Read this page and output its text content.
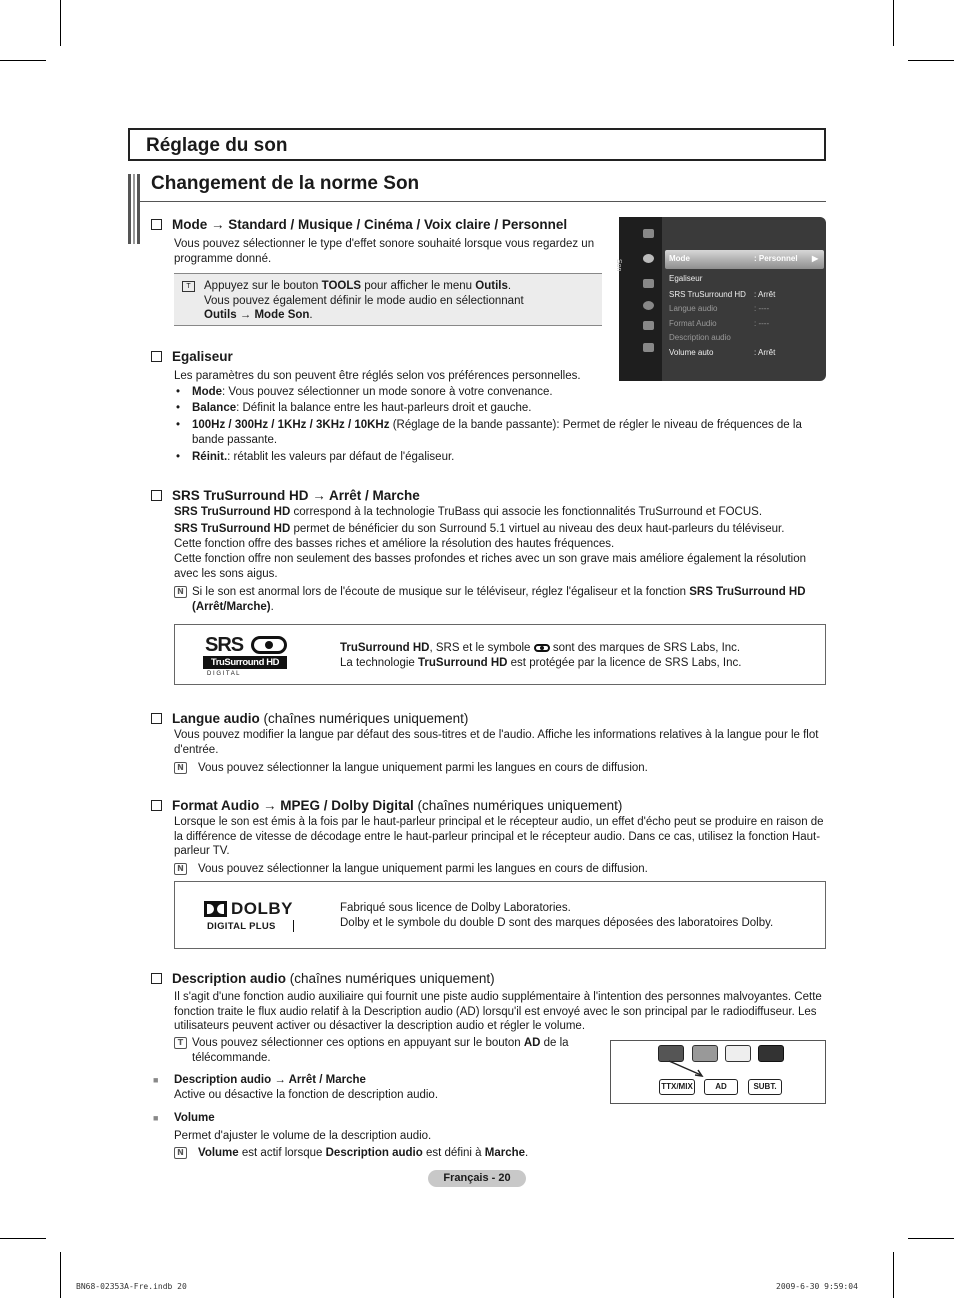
Réglage du son
Changement de la norme Son
Mode → Standard / Musique / Cinéma / Voix claire / Personnel
Vous pouvez sélectionner le type d'effet sonore souhaité lorsque vous regardez un programme donné.
T	Appuyez sur le bouton TOOLS pour afficher le menu Outils.
Vous pouvez également définir le mode audio en sélectionnant
Outils → Mode Son.
Son
Mode	: Personnel ▶
Egaliseur
SRS TruSurround HD : Arrêt
Langue audio	: ----
Format Audio	: ----
Description audio
Volume auto	: Arrêt
Egaliseur
Les paramètres du son peuvent être réglés selon vos préférences personnelles.
• Mode: Vous pouvez sélectionner un mode sonore à votre convenance.
• Balance: Définit la balance entre les haut-parleurs droit et gauche.
• 100Hz / 300Hz / 1KHz / 3KHz / 10KHz (Réglage de la bande passante): Permet de régler le niveau de fréquences de la bande passante.
• Réinit.: rétablit les valeurs par défaut de l'égaliseur.
SRS TruSurround HD → Arrêt / Marche
SRS TruSurround HD correspond à la technologie TruBass qui associe les fonctionnalités TruSurround et FOCUS.
SRS TruSurround HD permet de bénéficier du son Surround 5.1 virtuel au niveau des deux haut-parleurs du téléviseur.
Cette fonction offre des basses riches et améliore la résolution des hautes fréquences.
Cette fonction offre non seulement des basses profondes et riches avec un son grave mais améliore également la résolution avec les sons aigus.
N Si le son est anormal lors de l'écoute de musique sur le téléviseur, réglez l'égaliseur et la fonction SRS TruSurround HD (Arrêt/Marche).
SRS
TruSurround HD
D I G I T A L
TruSurround HD, SRS et le symbole
sont des marques de SRS Labs, Inc.
La technologie TruSurround HD est protégée par la licence de SRS Labs, Inc.
Langue audio (chaînes numériques uniquement)
Vous pouvez modifier la langue par défaut des sous-titres et de l'audio. Affiche les informations relatives à la langue pour le flot d'entrée.
N Vous pouvez sélectionner la langue uniquement parmi les langues en cours de diffusion.
Format Audio → MPEG / Dolby Digital (chaînes numériques uniquement)
Lorsque le son est émis à la fois par le haut-parleur principal et le récepteur audio, un effet d'écho peut se produire en raison de la différence de vitesse de décodage entre le haut-parleur principal et le récepteur audio. Dans ce cas, utilisez la fonction Haut-parleur TV.
N Vous pouvez sélectionner la langue uniquement parmi les langues en cours de diffusion.
DOLBY
DIGITAL PLUS
Fabriqué sous licence de Dolby Laboratories.
Dolby et le symbole du double D sont des marques déposées des laboratoires Dolby.
Description audio (chaînes numériques uniquement)
Il s'agit d'une fonction audio auxiliaire qui fournit une piste audio supplémentaire à l'intention des personnes malvoyantes. Cette fonction traite le flux audio relatif à la Description audio (AD) lorsqu'il est envoyé avec le son principal par le radiodiffuseur. Les utilisateurs peuvent activer ou désactiver la description audio et régler le volume.
T Vous pouvez sélectionner ces options en appuyant sur le bouton AD de la télécommande.
■ Description audio → Arrêt / Marche
Active ou désactive la fonction de description audio.
■ Volume
Permet d'ajuster le volume de la description audio.
N Volume est actif lorsque Description audio est défini à Marche.
TTX/MIX	AD	SUBT.
Français - 20
BN68-02353A-Fre.indb 20	2009-6-30 9:59:04
